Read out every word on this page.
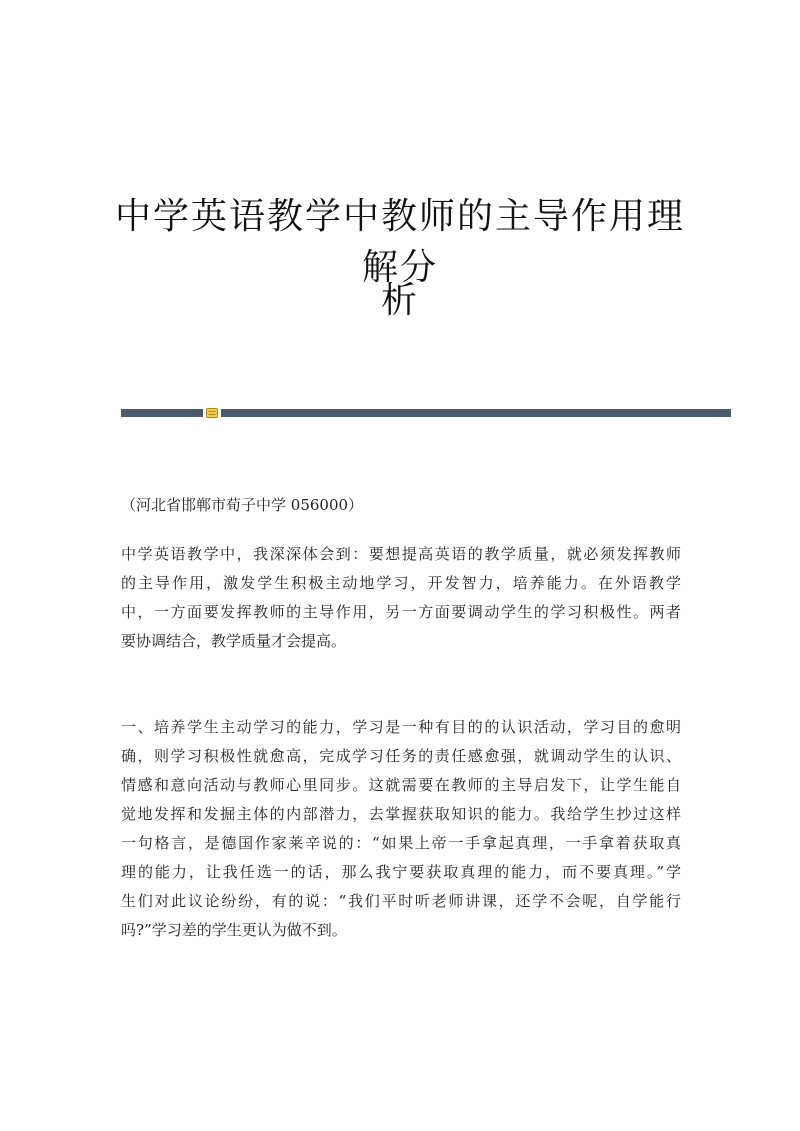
中学英语教学中教师的主导作用理解分
析
（河北省邯郸市荀子中学 056000）
中学英语教学中，我深深体会到：要想提高英语的教学质量，就必须发挥教师
的主导作用，激发学生积极主动地学习，开发智力，培养能力。在外语教学
中，一方面要发挥教师的主导作用，另一方面要调动学生的学习积极性。两者
要协调结合，教学质量才会提高。
一、培养学生主动学习的能力，学习是一种有目的的认识活动，学习目的愈明
确，则学习积极性就愈高，完成学习任务的责任感愈强，就调动学生的认识、
情感和意向活动与教师心里同步。这就需要在教师的主导启发下，让学生能自
觉地发挥和发掘主体的内部潜力，去掌握获取知识的能力。我给学生抄过这样
一句格言，是德国作家莱辛说的：“如果上帝一手拿起真理，一手拿着获取真
理的能力，让我任选一的话，那么我宁要获取真理的能力，而不要真理。”学
生们对此议论纷纷，有的说：“我们平时听老师讲课，还学不会呢，自学能行
吗?”学习差的学生更认为做不到。
